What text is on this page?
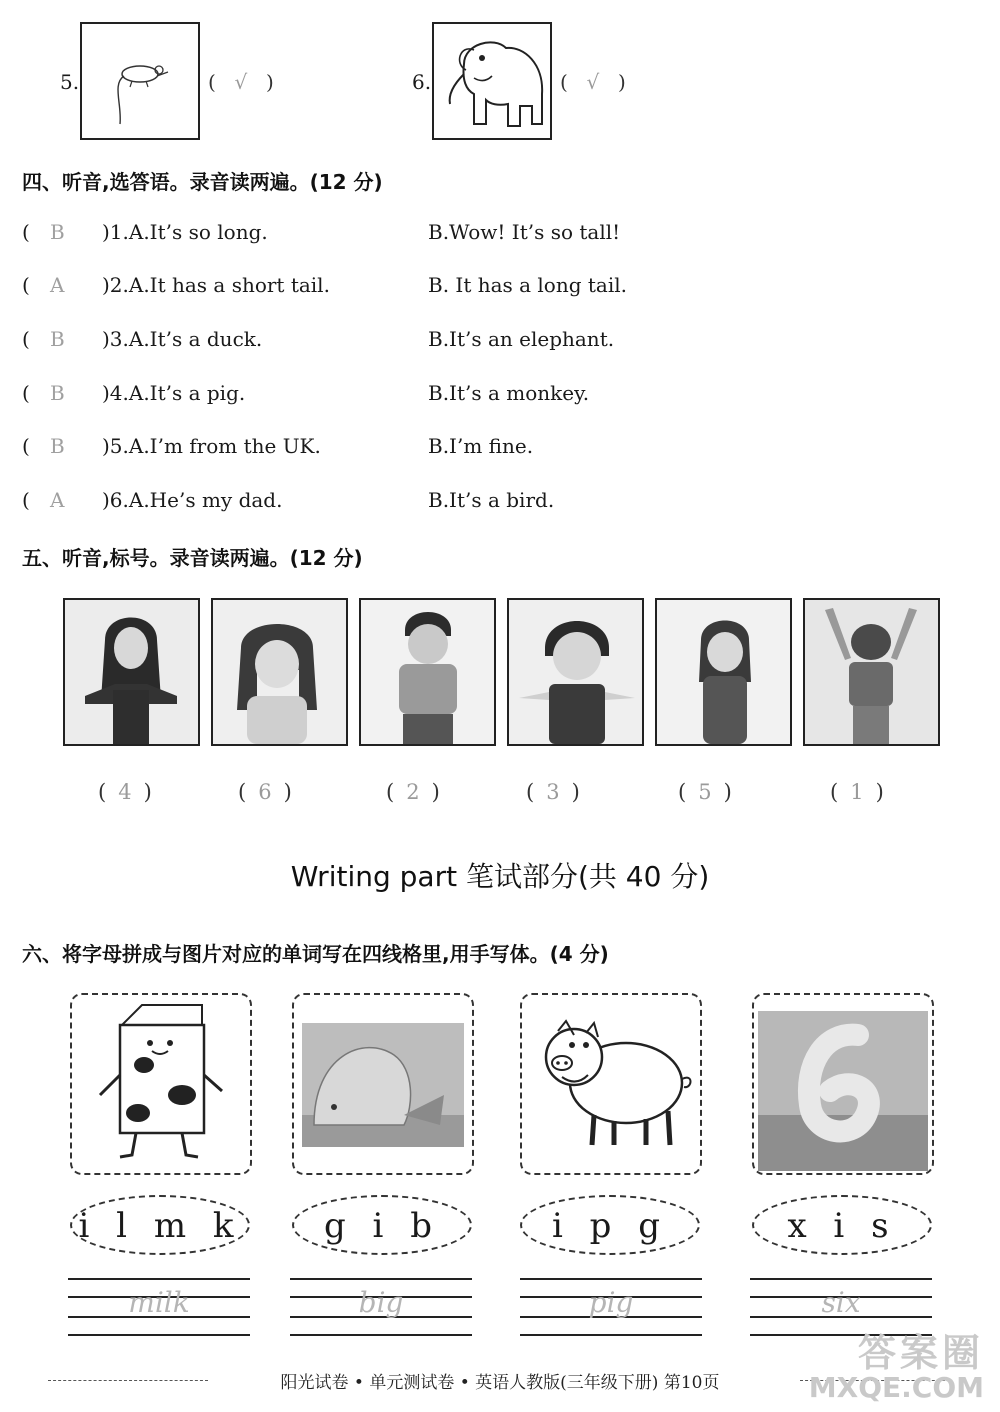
5.	( √ )	6.	( √ )
四、听音,选答语。录音读两遍。(12 分)
( B )1.A.It’s so long.	B.Wow! It’s so tall!
( A )2.A.It has a short tail.	B. It has a long tail.
( B )3.A.It’s a duck.	B.It’s an elephant.
( B )4.A.It’s a pig.	B.It’s a monkey.
( B )5.A.I’m from the UK.	B.I’m fine.
( A )6.A.He’s my dad.	B.It’s a bird.
五、听音,标号。录音读两遍。(12 分)
( 4 )	( 6 )	( 2 )	( 3 )	( 5 )	( 1 )
Writing part 笔试部分(共 40 分)
六、将字母拼成与图片对应的单词写在四线格里,用手写体。(4 分)
i l m k	g i b	i p g	x i s
milk	big	pig	six
阳光试卷 • 单元测试卷 • 英语人教版(三年级下册) 第10页
答案圈
MXQE.COM
